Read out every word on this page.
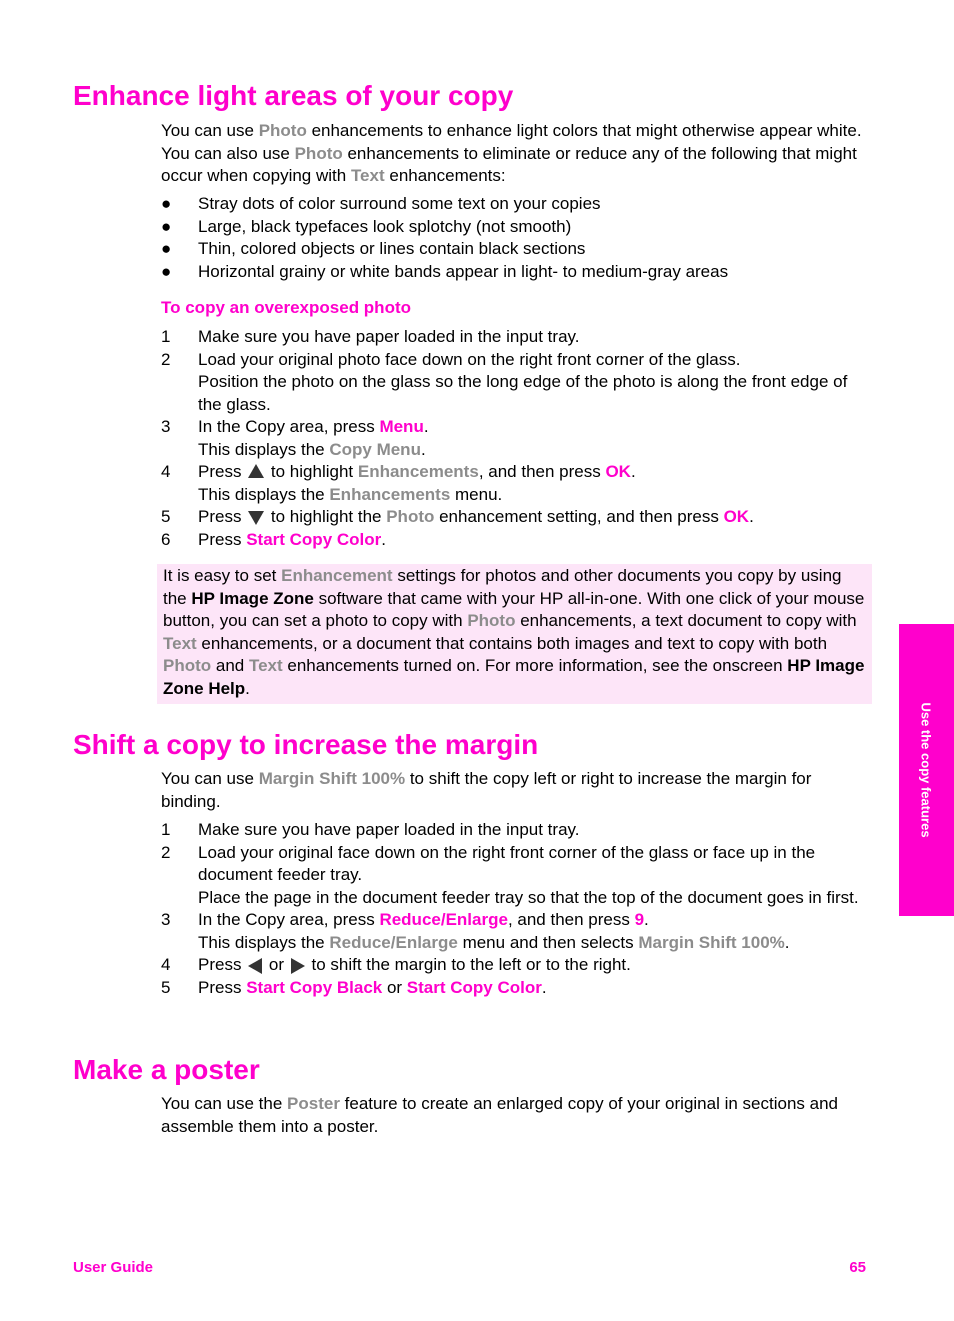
Enhance light areas of your copy

You can use Photo enhancements to enhance light colors that might otherwise appear white. You can also use Photo enhancements to eliminate or reduce any of the following that might occur when copying with Text enhancements:

●	Stray dots of color surround some text on your copies
●	Large, black typefaces look splotchy (not smooth)
●	Thin, colored objects or lines contain black sections
●	Horizontal grainy or white bands appear in light- to medium-gray areas

To copy an overexposed photo

1	Make sure you have paper loaded in the input tray.
2	Load your original photo face down on the right front corner of the glass.
Position the photo on the glass so the long edge of the photo is along the front edge of the glass.
3	In the Copy area, press Menu.
This displays the Copy Menu.
4	Press  to highlight Enhancements, and then press OK.
This displays the Enhancements menu.
5	Press  to highlight the Photo enhancement setting, and then press OK.
6	Press Start Copy Color.
It is easy to set Enhancement settings for photos and other documents you copy by using the HP Image Zone software that came with your HP all-in-one. With one click of your mouse button, you can set a photo to copy with Photo enhancements, a text document to copy with Text enhancements, or a document that contains both images and text to copy with both Photo and Text enhancements turned on. For more information, see the onscreen HP Image Zone Help.
Shift a copy to increase the margin

You can use Margin Shift 100% to shift the copy left or right to increase the margin for binding.

1	Make sure you have paper loaded in the input tray.
2	Load your original face down on the right front corner of the glass or face up in the document feeder tray.
Place the page in the document feeder tray so that the top of the document goes in first.
3	In the Copy area, press Reduce/Enlarge, and then press 9.
This displays the Reduce/Enlarge menu and then selects Margin Shift 100%.
4	Press  or  to shift the margin to the left or to the right.
5	Press Start Copy Black or Start Copy Color.
Make a poster

You can use the Poster feature to create an enlarged copy of your original in sections and assemble them into a poster.

Use the copy features

User Guide	65
